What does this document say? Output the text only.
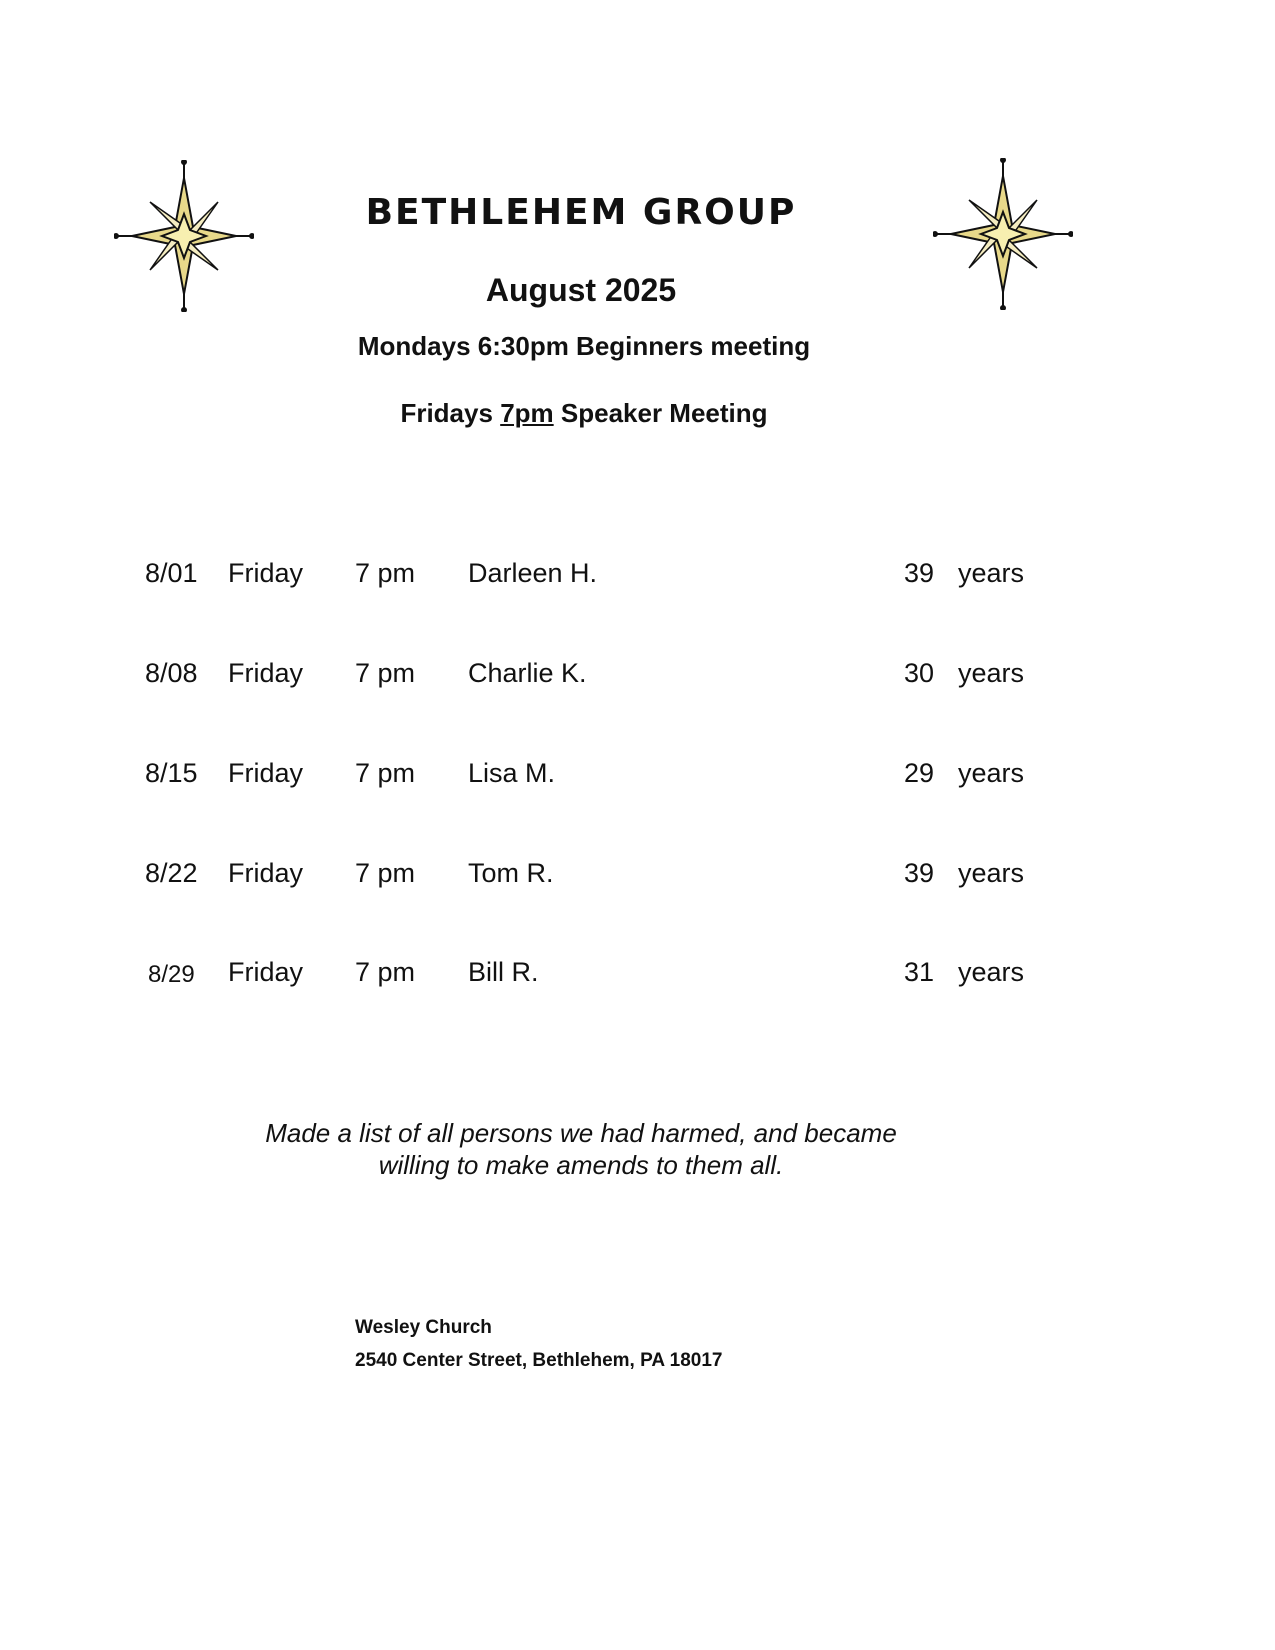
BETHLEHEM GROUP
August 2025
Mondays 6:30pm Beginners meeting
Fridays 7pm Speaker Meeting
8/01 Friday 7 pm Darleen H.	39 years
8/08 Friday 7 pm Charlie K.	30 years
8/15 Friday 7 pm Lisa M.	29 years
8/22 Friday 7 pm Tom R.	39 years
8/29 Friday 7 pm Bill R.	31 years
Made a list of all persons we had harmed, and became
willing to make amends to them all.
Wesley Church
2540 Center Street, Bethlehem, PA 18017
